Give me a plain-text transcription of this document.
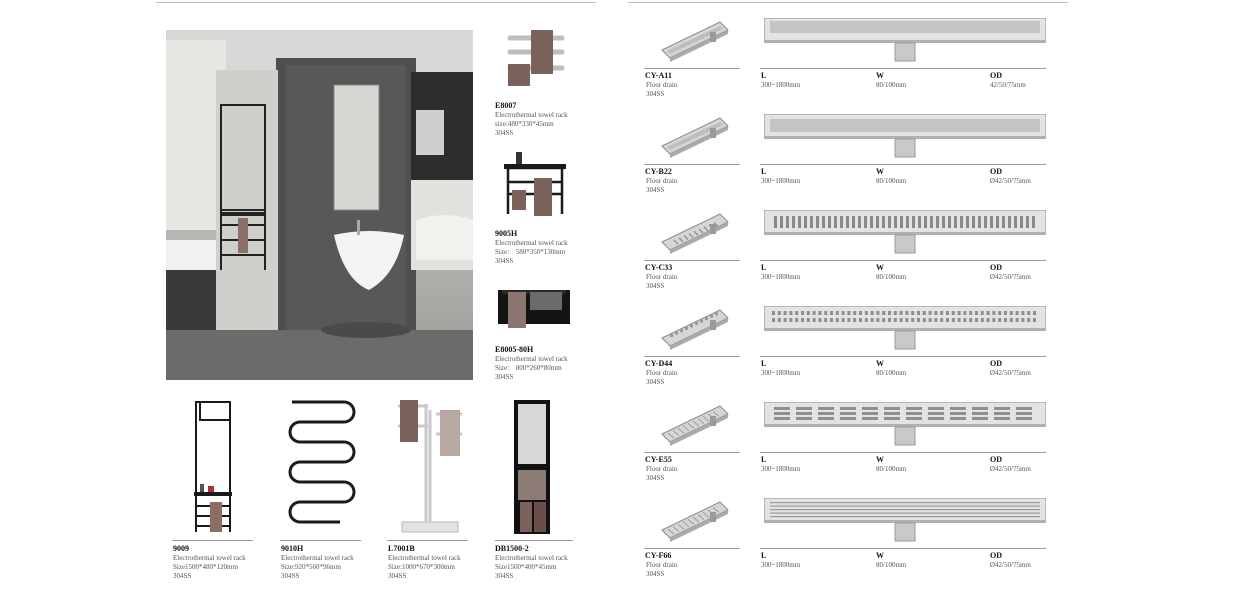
E8007
Electrothermal towel rack
size:480*330*45mm
304SS
9005H
Electrothermal towel rack
Size： 580*350*130mm
304SS
E8005-80H
Electrothermal towel rack
Size： 800*260*80mm
304SS
9009
Electrothermal towel rack
Size1500*480*120mm
304SS
9010H
Electrothermal towel rack
Size:920*560*96mm
304SS
L7001B
Electrothermal towel rack
Size:1000*670*300mm
304SS
DB1500-2
Electrothermal towel rack
Size1500*400*45mm
304SS
CY-A11
Floor drain
304SS
L	W	OD
300~1800mm	80/100mm	42/50/75mm
CY-B22
Floor drain
304SS
L	W	OD
300~1800mm	80/100mm	Ø42/50/75mm
CY-C33
Floor drain
304SS
L	W	OD
300~1800mm	80/100mm	Ø42/50/75mm
CY-D44
Floor drain
304SS
L	W	OD
300~1800mm	80/100mm	Ø42/50/75mm
CY-E55
Floor drain
304SS
L	W	OD
300~1800mm	80/100mm	Ø42/50/75mm
CY-F66
Floor drain
304SS
L	W	OD
300~1800mm	80/100mm	Ø42/50/75mm
